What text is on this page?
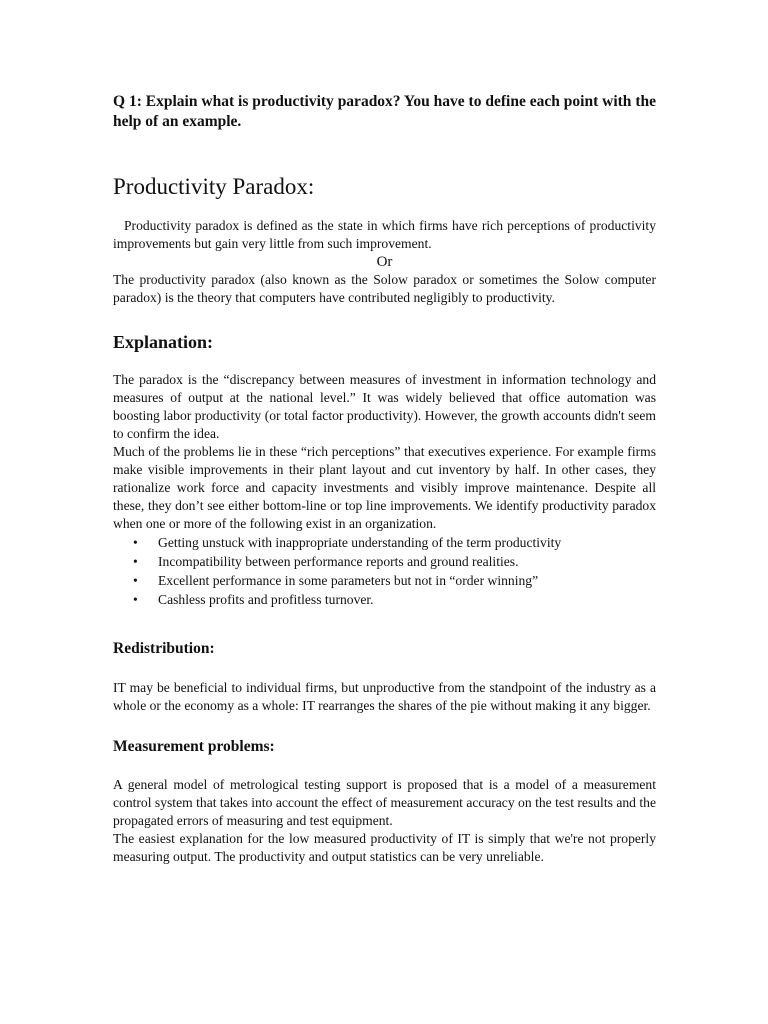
Q 1: Explain what is productivity paradox? You have to define each point with the help of an example.

Productivity Paradox:

Productivity paradox is defined as the state in which firms have rich perceptions of productivity improvements but gain very little from such improvement.

Or

The productivity paradox (also known as the Solow paradox or sometimes the Solow computer paradox) is the theory that computers have contributed negligibly to productivity.

Explanation:

The paradox is the “discrepancy between measures of investment in information technology and measures of output at the national level.” It was widely believed that office automation was boosting labor productivity (or total factor productivity). However, the growth accounts didn't seem to confirm the idea.

Much of the problems lie in these “rich perceptions” that executives experience. For example firms make visible improvements in their plant layout and cut inventory by half. In other cases, they rationalize work force and capacity investments and visibly improve maintenance. Despite all these, they don’t see either bottom-line or top line improvements. We identify productivity paradox when one or more of the following exist in an organization.

• Getting unstuck with inappropriate understanding of the term productivity
• Incompatibility between performance reports and ground realities.
• Excellent performance in some parameters but not in “order winning”
• Cashless profits and profitless turnover.
Redistribution:

IT may be beneficial to individual firms, but unproductive from the standpoint of the industry as a whole or the economy as a whole: IT rearranges the shares of the pie without making it any bigger.

Measurement problems:

A general model of metrological testing support is proposed that is a model of a measurement control system that takes into account the effect of measurement accuracy on the test results and the propagated errors of measuring and test equipment.

The easiest explanation for the low measured productivity of IT is simply that we're not properly measuring output. The productivity and output statistics can be very unreliable.
